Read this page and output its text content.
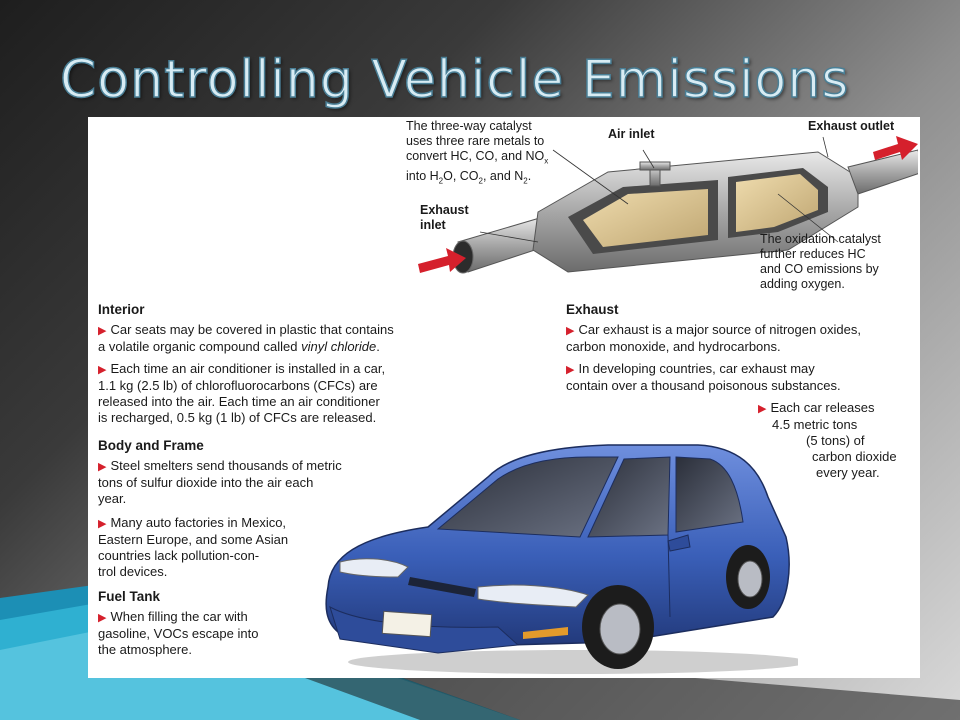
Controlling Vehicle Emissions
The three-way catalyst
uses three rare metals to
convert HC, CO, and $NO_x$
into $H_2O$, $CO_2$, and $N_2$.
Air inlet
Exhaust outlet
Exhaust
inlet
The oxidation catalyst
further reduces HC
and CO emissions by
adding oxygen.
Interior
▶ Car seats may be covered in plastic that contains
a volatile organic compound called vinyl chloride.
▶ Each time an air conditioner is installed in a car,
1.1 kg (2.5 lb) of chlorofluorocarbons (CFCs) are
released into the air. Each time an air conditioner
is recharged, 0.5 kg (1 lb) of CFCs are released.
Exhaust
▶ Car exhaust is a major source of nitrogen oxides,
carbon monoxide, and hydrocarbons.
▶ In developing countries, car exhaust may
contain over a thousand poisonous substances.
▶ Each car releases
4.5 metric tons
(5 tons) of
carbon dioxide
every year.
Body and Frame
▶ Steel smelters send thousands of metric
tons of sulfur dioxide into the air each
year.
▶ Many auto factories in Mexico,
Eastern Europe, and some Asian
countries lack pollution-con-
trol devices.
Fuel Tank
▶ When filling the car with
gasoline, VOCs escape into
the atmosphere.
